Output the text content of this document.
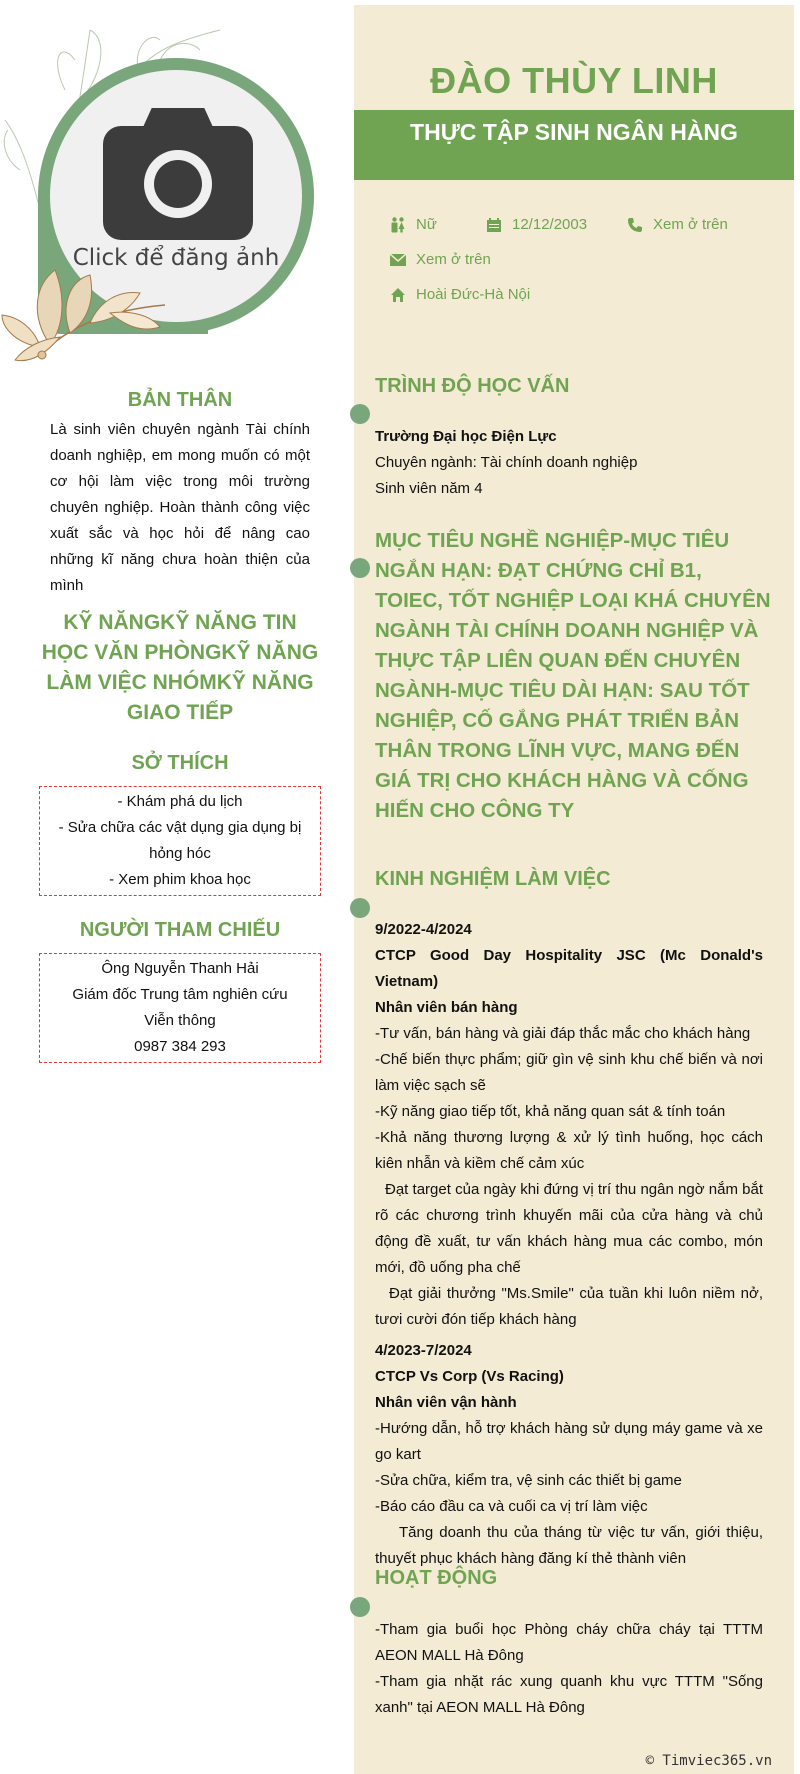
Click để đăng ảnh
BẢN THÂN
Là sinh viên chuyên ngành Tài chính doanh nghiệp, em mong muốn có một cơ hội làm việc trong môi trường chuyên nghiệp. Hoàn thành công việc xuất sắc và học hỏi để nâng cao những kĩ năng chưa hoàn thiện của mình
KỸ NĂNGKỸ NĂNG TIN HỌC VĂN PHÒNGKỸ NĂNG LÀM VIỆC NHÓMKỸ NĂNG GIAO TIẾP
SỞ THÍCH
- Khám phá du lịch
- Sửa chữa các vật dụng gia dụng bị hỏng hóc
- Xem phim khoa học
NGƯỜI THAM CHIẾU
Ông Nguyễn Thanh Hải
Giám đốc Trung tâm nghiên cứu Viễn thông
0987 384 293
ĐÀO THÙY LINH
THỰC TẬP SINH NGÂN HÀNG
Nữ	12/12/2003	Xem ở trên
Xem ở trên
Hoài Đức-Hà Nội
TRÌNH ĐỘ HỌC VẤN
Trường Đại học Điện Lực
Chuyên ngành: Tài chính doanh nghiệp
Sinh viên năm 4
MỤC TIÊU NGHỀ NGHIỆP-MỤC TIÊU NGẮN HẠN: ĐẠT CHỨNG CHỈ B1, TOIEC, TỐT NGHIỆP LOẠI KHÁ CHUYÊN NGÀNH TÀI CHÍNH DOANH NGHIỆP VÀ THỰC TẬP LIÊN QUAN ĐẾN CHUYÊN NGÀNH-MỤC TIÊU DÀI HẠN: SAU TỐT NGHIỆP, CỐ GẮNG PHÁT TRIỂN BẢN THÂN TRONG LĨNH VỰC, MANG ĐẾN GIÁ TRỊ CHO KHÁCH HÀNG VÀ CỐNG HIẾN CHO CÔNG TY
KINH NGHIỆM LÀM VIỆC
9/2022-4/2024
CTCP Good Day Hospitality JSC (Mc Donald's Vietnam)
Nhân viên bán hàng
-Tư vấn, bán hàng và giải đáp thắc mắc cho khách hàng
-Chế biến thực phẩm; giữ gìn vệ sinh khu chế biến và nơi làm việc sạch sẽ
-Kỹ năng giao tiếp tốt, khả năng quan sát & tính toán
-Khả năng thương lượng & xử lý tình huống, học cách kiên nhẫn và kiềm chế cảm xúc
Đạt target của ngày khi đứng vị trí thu ngân ngờ nắm bắt rõ các chương trình khuyến mãi của cửa hàng và chủ động đề xuất, tư vấn khách hàng mua các combo, món mới, đồ uống pha chế
Đạt giải thưởng "Ms.Smile" của tuần khi luôn niềm nở, tươi cười đón tiếp khách hàng
4/2023-7/2024
CTCP Vs Corp (Vs Racing)
Nhân viên vận hành
-Hướng dẫn, hỗ trợ khách hàng sử dụng máy game và xe go kart
-Sửa chữa, kiểm tra, vệ sinh các thiết bị game
-Báo cáo đầu ca và cuối ca vị trí làm việc
Tăng doanh thu của tháng từ việc tư vấn, giới thiệu, thuyết phục khách hàng đăng kí thẻ thành viên
HOẠT ĐỘNG
-Tham gia buổi học Phòng cháy chữa cháy tại TTTM AEON MALL Hà Đông
-Tham gia nhặt rác xung quanh khu vực TTTM "Sống xanh" tại AEON MALL Hà Đông
© Timviec365.vn
